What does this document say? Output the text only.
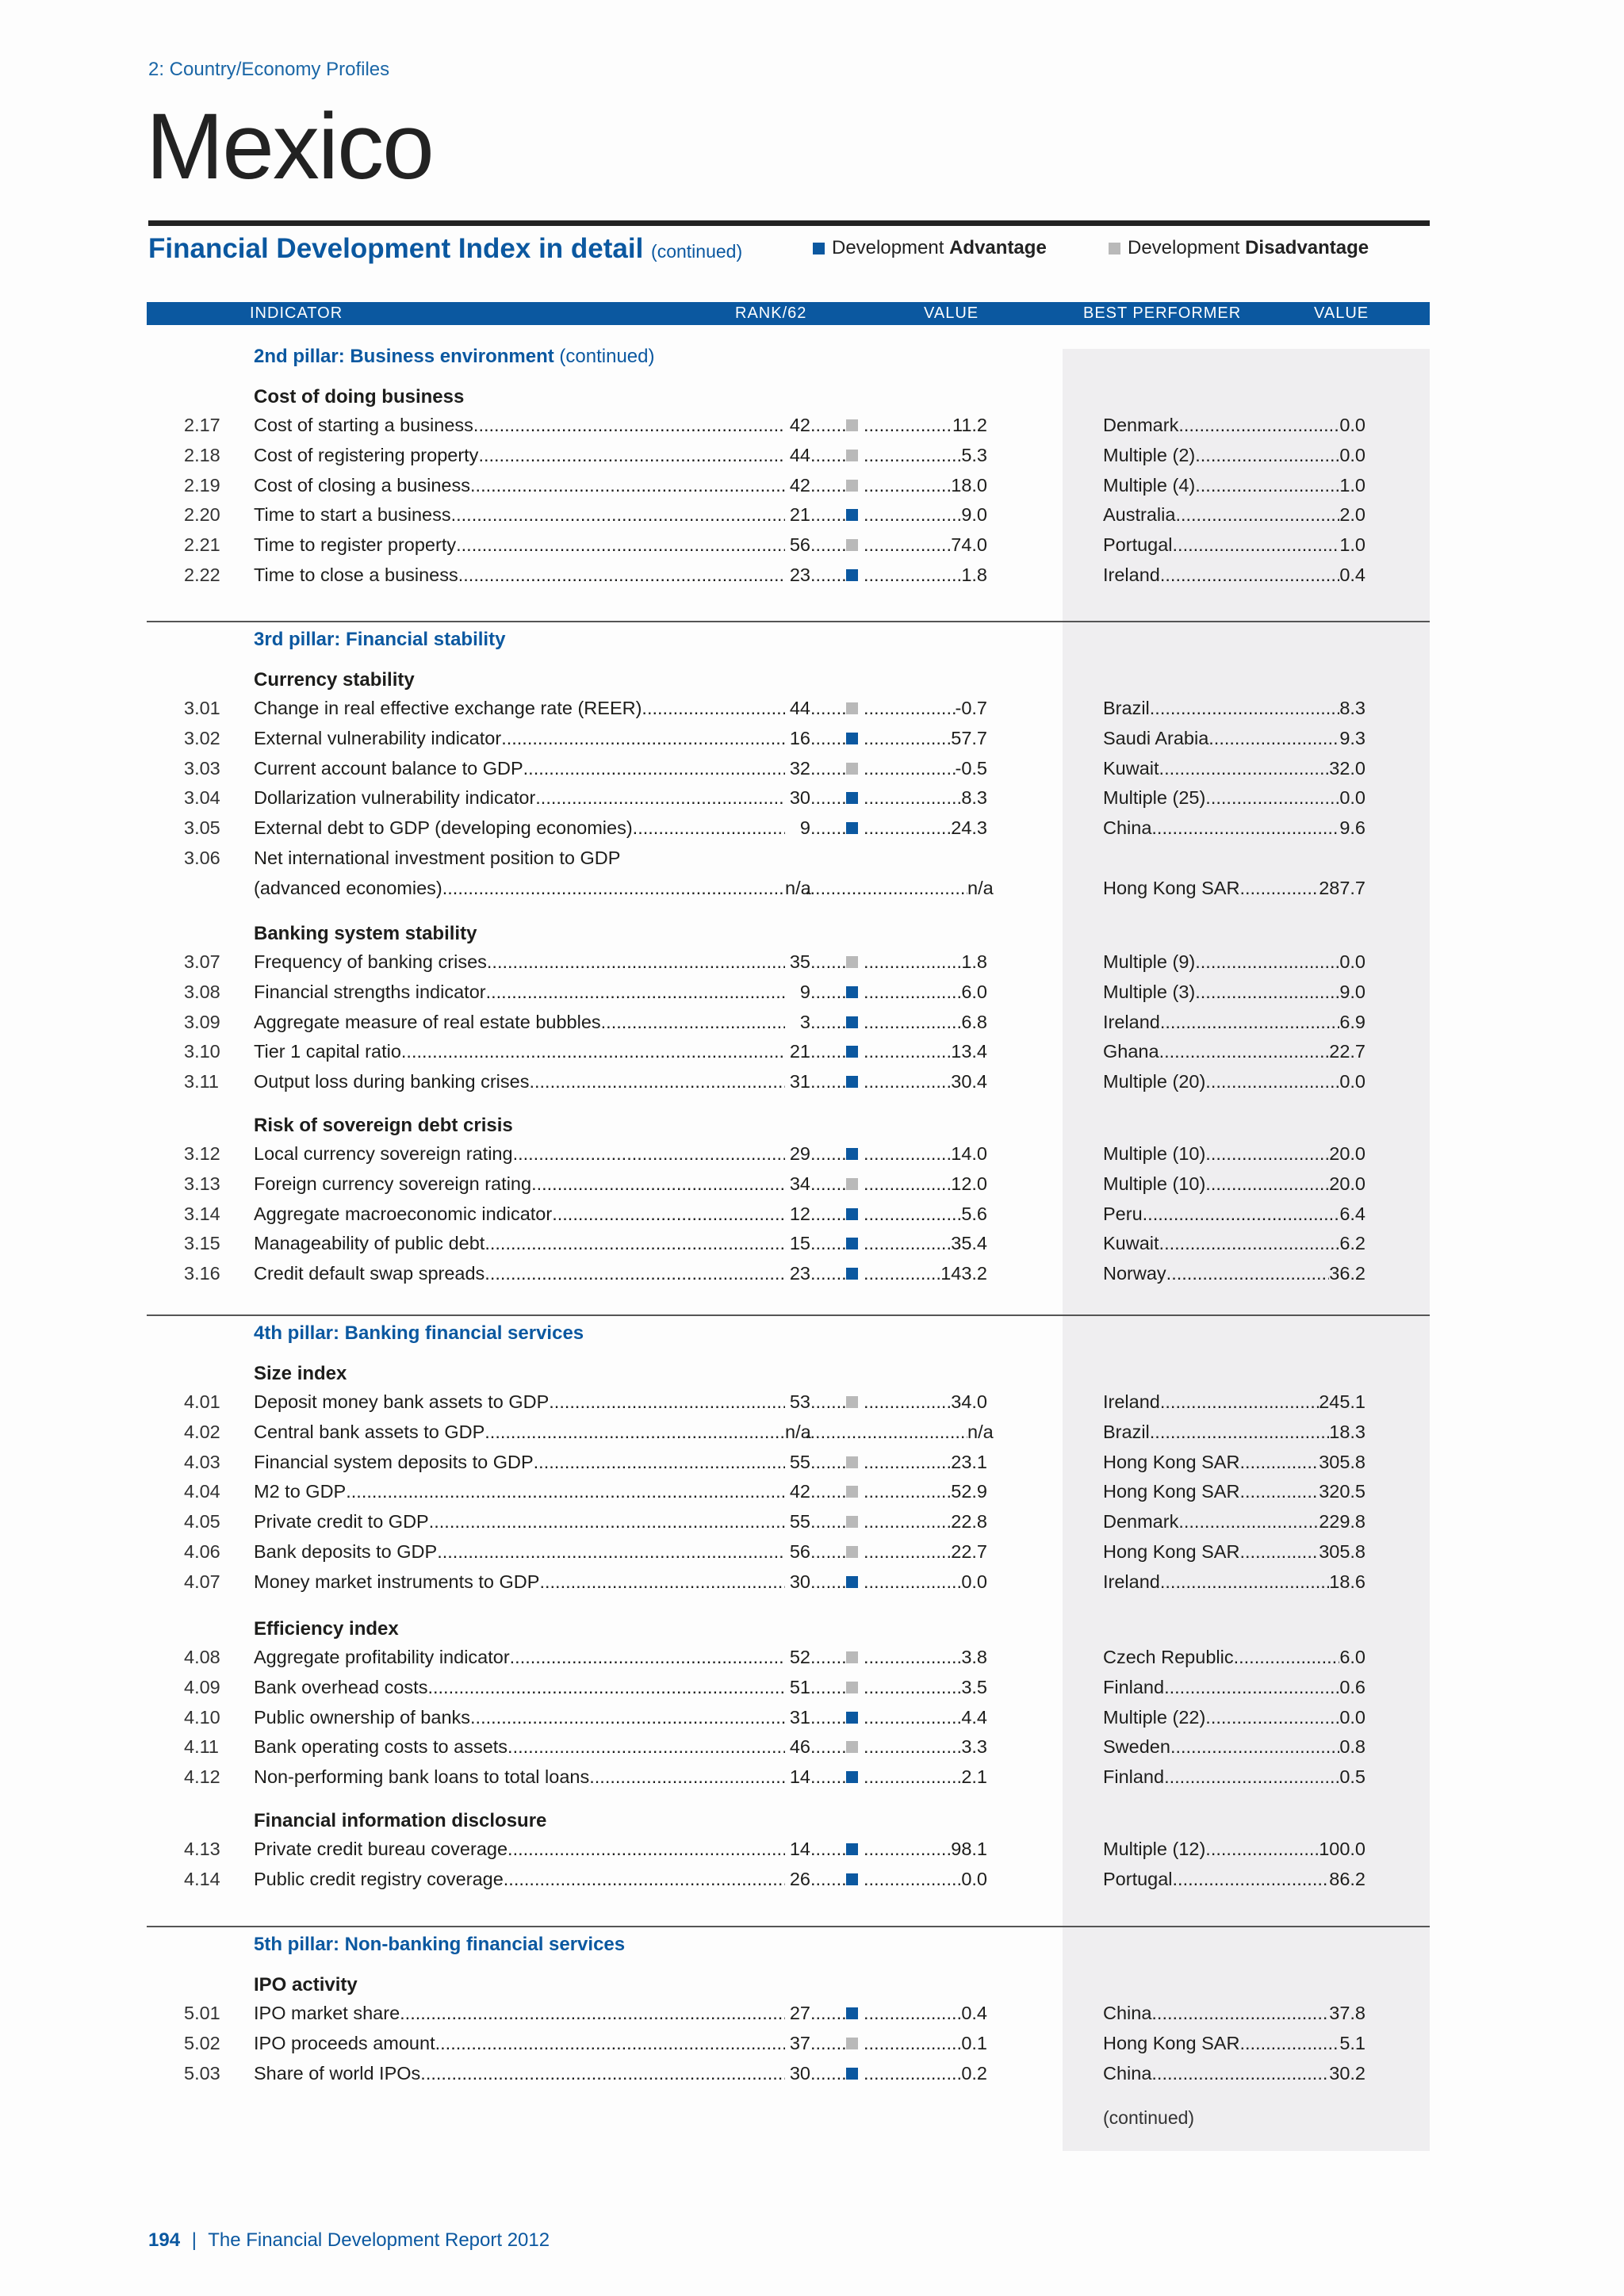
2: Country/Economy Profiles
Mexico
Financial Development Index in detail (continued)	Development
Advantage	Development
Disadvantage
INDICATOR	RANK/62	VALUE	BEST PERFORMER	VALUE
2nd pillar: Business environment (continued)
Cost of doing business
2.17 Cost of starting a business .....	42 ..... .....	11.2	Denmark .....	0.0
2.18 Cost of registering property .....	44 ..... .....	5.3	Multiple (2) .....	0.0
2.19 Cost of closing a business .....	42 ..... .....	18.0	Multiple (4) .....	1.0
2.20 Time to start a business .....	21 ..... .....	9.0	Australia .....	2.0
2.21 Time to register property .....	56 ..... .....	74.0	Portugal .....	1.0
2.22 Time to close a business .....	23 ..... .....	1.8	Ireland .....	0.4
3rd pillar: Financial stability
Currency stability
3.01 Change in real effective exchange rate (REER) .....	44 ..... .....	-0.7	Brazil .....	8.3
3.02 External vulnerability indicator .....	16 ..... .....	57.7	Saudi Arabia .....	9.3
3.03 Current account balance to GDP .....	32 ..... .....	-0.5	Kuwait .....	32.0
3.04 Dollarization vulnerability indicator .....	30 ..... .....	8.3	Multiple (25) .....	0.0
3.05 External debt to GDP (developing economies) .....	9 ..... .....	24.3	China .....	9.6
3.06 Net international investment position to GDP
(advanced economies) .....	n/a .....	n/a	Hong Kong SAR .....	287.7
Banking system stability
3.07 Frequency of banking crises .....	35 ..... .....	1.8	Multiple (9) .....	0.0
3.08 Financial strengths indicator .....	9 ..... .....	6.0	Multiple (3) .....	9.0
3.09 Aggregate measure of real estate bubbles .....	3 ..... .....	6.8	Ireland .....	6.9
3.10 Tier 1 capital ratio .....	21 ..... .....	13.4	Ghana .....	22.7
3.11 Output loss during banking crises .....	31 ..... .....	30.4	Multiple (20) .....	0.0
Risk of sovereign debt crisis
3.12 Local currency sovereign rating .....	29 ..... .....	14.0	Multiple (10) .....	20.0
3.13 Foreign currency sovereign rating .....	34 ..... .....	12.0	Multiple (10) .....	20.0
3.14 Aggregate macroeconomic indicator .....	12 ..... .....	5.6	Peru .....	6.4
3.15 Manageability of public debt .....	15 ..... .....	35.4	Kuwait .....	6.2
3.16 Credit default swap spreads .....	23 ..... .....	143.2	Norway .....	36.2
4th pillar: Banking financial services
Size index
4.01 Deposit money bank assets to GDP .....	53 ..... .....	34.0	Ireland .....	245.1
4.02 Central bank assets to GDP .....	n/a .....	n/a	Brazil .....	18.3
4.03 Financial system deposits to GDP .....	55 ..... .....	23.1	Hong Kong SAR .....	305.8
4.04 M2 to GDP .....	42 ..... .....	52.9	Hong Kong SAR .....	320.5
4.05 Private credit to GDP .....	55 ..... .....	22.8	Denmark .....	229.8
4.06 Bank deposits to GDP .....	56 ..... .....	22.7	Hong Kong SAR .....	305.8
4.07 Money market instruments to GDP .....	30 ..... .....	0.0	Ireland .....	18.6
Efficiency index
4.08 Aggregate profitability indicator .....	52 ..... .....	3.8	Czech Republic .....	6.0
4.09 Bank overhead costs .....	51 ..... .....	3.5	Finland .....	0.6
4.10 Public ownership of banks .....	31 ..... .....	4.4	Multiple (22) .....	0.0
4.11 Bank operating costs to assets .....	46 ..... .....	3.3	Sweden .....	0.8
4.12 Non-performing bank loans to total loans .....	14 ..... .....	2.1	Finland .....	0.5
Financial information disclosure
4.13 Private credit bureau coverage .....	14 ..... .....	98.1	Multiple (12) .....	100.0
4.14 Public credit registry coverage .....	26 ..... .....	0.0	Portugal .....	86.2
5th pillar: Non-banking financial services
IPO activity
5.01 IPO market share .....	27 ..... .....	0.4	China .....	37.8
5.02 IPO proceeds amount .....	37 ..... .....	0.1	Hong Kong SAR .....	5.1
5.03 Share of world IPOs .....	30 ..... .....	0.2	China .....	30.2
(continued)
194 | The Financial Development Report 2012
